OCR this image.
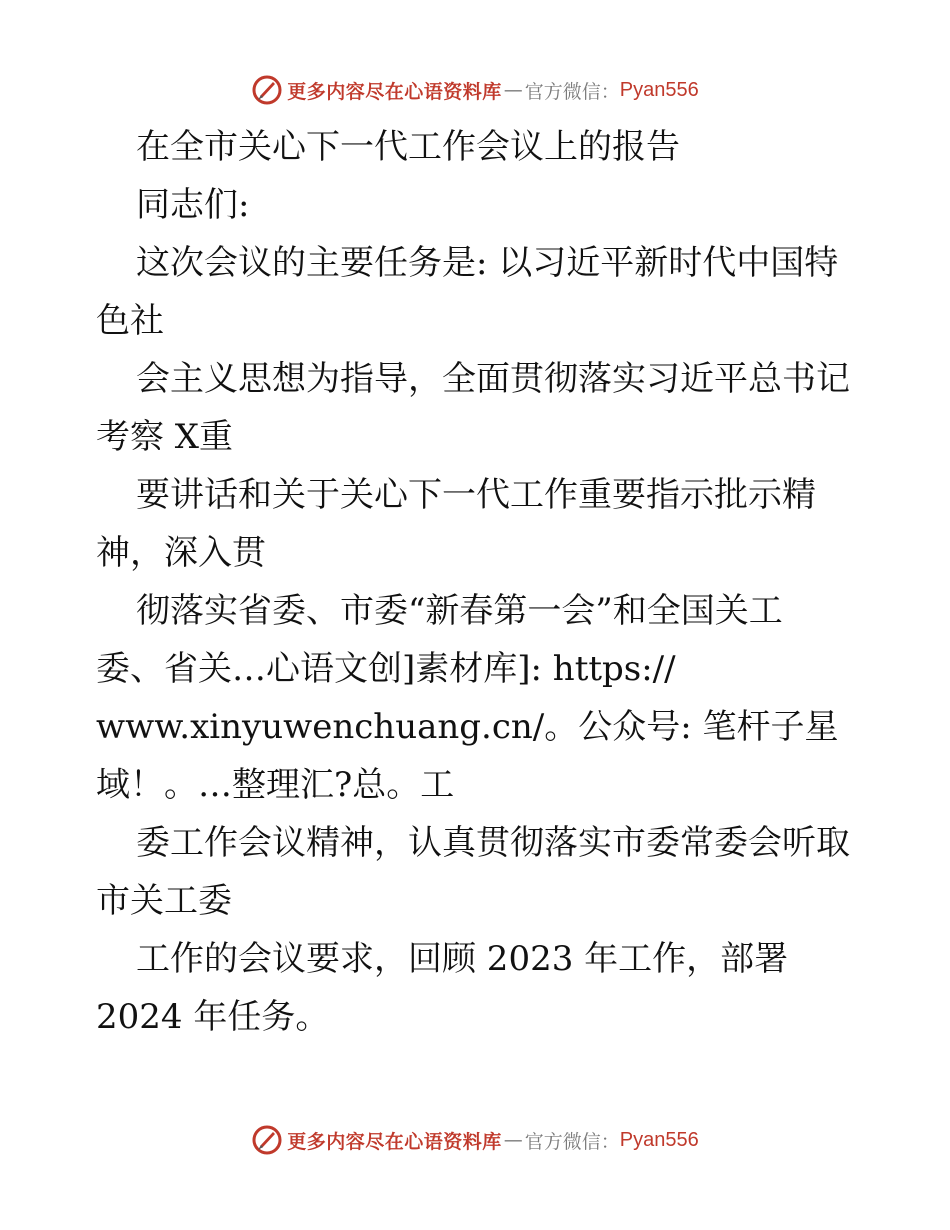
更多内容尽在心语资料库 — 官方微信： Pyan556
在全市关心下一代工作会议上的报告
同志们:
这次会议的主要任务是: 以习近平新时代中国特
色社
会主义思想为指导，全面贯彻落实习近平总书记
考察 X重
要讲话和关于关心下一代工作重要指示批示精
神，深入贯
彻落实省委、市委“新春第一会”和全国关工
委、省关…心语文创]素材库]: https://
www.xinyuwenchuang.cn/。公众号: 笔杆子星
域！。…整理汇?总。工
委工作会议精神，认真贯彻落实市委常委会听取
市关工委
工作的会议要求，回顾 2023 年工作，部署
2024 年任务。
更多内容尽在心语资料库 — 官方微信： Pyan556
